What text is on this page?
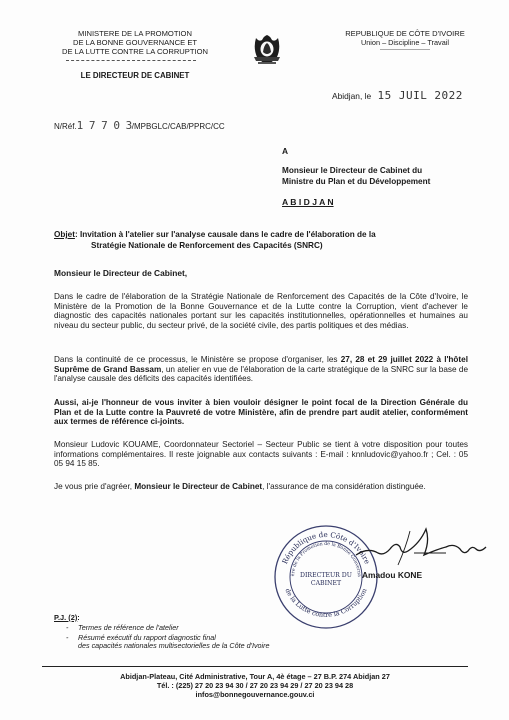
MINISTERE DE LA PROMOTION
DE LA BONNE GOUVERNANCE ET
DE LA LUTTE CONTRE LA CORRUPTION
LE DIRECTEUR DE CABINET
REPUBLIQUE DE CÔTE D'IVOIRE
Union – Discipline – Travail
-------------------------
Abidjan, le 15 JUIL 2022
N/Réf.1 7 7 0 3/MPBGLC/CAB/PPRC/CC
A
Monsieur le Directeur de Cabinet du
Ministre du Plan et du Développement
A B I D J A N
Objet: Invitation à l'atelier sur l'analyse causale dans le cadre de l'élaboration de la
Stratégie Nationale de Renforcement des Capacités (SNRC)
Monsieur le Directeur de Cabinet,
Dans le cadre de l'élaboration de la Stratégie Nationale de Renforcement des Capacités de la Côte d'Ivoire, le Ministère de la Promotion de la Bonne Gouvernance et de la Lutte contre la Corruption, vient d'achever le diagnostic des capacités nationales portant sur les capacités institutionnelles, opérationnelles et humaines au niveau du secteur public, du secteur privé, de la société civile, des partis politiques et des médias.
Dans la continuité de ce processus, le Ministère se propose d'organiser, les 27, 28 et 29 juillet 2022 à l'hôtel Suprême de Grand Bassam, un atelier en vue de l'élaboration de la carte stratégique de la SNRC sur la base de l'analyse causale des déficits des capacités identifiées.
Aussi, ai-je l'honneur de vous inviter à bien vouloir désigner le point focal de la Direction Générale du Plan et de la Lutte contre la Pauvreté de votre Ministère, afin de prendre part audit atelier, conformément aux termes de référence ci-joints.
Monsieur Ludovic KOUAME, Coordonnateur Sectoriel – Secteur Public se tient à votre disposition pour toutes informations complémentaires. Il reste joignable aux contacts suivants : E-mail : knnludovic@yahoo.fr ; Cel. : 05 05 94 15 85.
Je vous prie d'agréer, Monsieur le Directeur de Cabinet, l'assurance de ma considération distinguée.
République de Côte d'Ivoire
de la Lutte contre la Corruption
ère de la Promotion de la Bonne Gouverna
DIRECTEUR DU
CABINET
Amadou KONE
P.J. (2):
-	Termes de référence de l'atelier
-	Résumé exécutif du rapport diagnostic final
des capacités nationales multisectorielles de la Côte d'Ivoire
Abidjan-Plateau, Cité Administrative, Tour A, 4è étage – 27 B.P. 274 Abidjan 27
Tél. : (225) 27 20 23 94 30 / 27 20 23 94 29 / 27 20 23 94 28
infos@bonnegouvernance.gouv.ci
